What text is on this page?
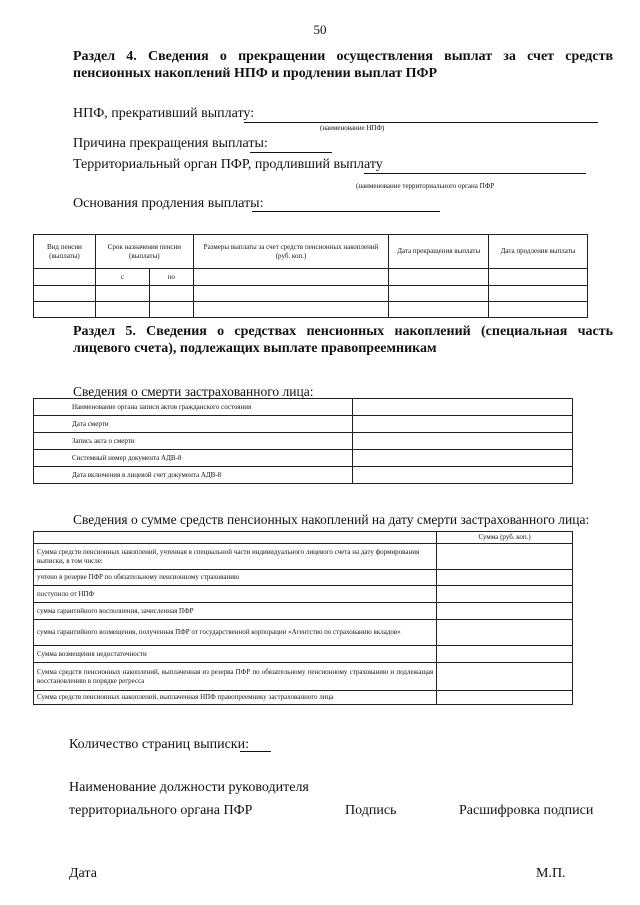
50
Раздел 4. Сведения о прекращении осуществления выплат за счет средств пенсионных накоплений НПФ и продлении выплат ПФР
НПФ, прекративший выплату:
(наименование НПФ)
Причина прекращения выплаты:
Территориальный орган ПФР, продливший выплату
(наименование территориального органа ПФР
Основания продления выплаты:
Вид пенсии (выплаты)	Срок назначения пенсии (выплаты)		Размеры выплаты за счет средств пенсионных накоплений (руб. коп.)	Дата прекращения выплаты	Дата продления выплаты
	с	по			

Раздел 5. Сведения о средствах пенсионных накоплений (специальная часть лицевого счета), подлежащих выплате правопреемникам
Сведения о смерти застрахованного лица:
Наименование органа записи актов гражданского состояния	
Дата смерти	
Запись акта о смерти	
Системный номер документа АДВ-8	
Дата включения в лицевой счет документа АДВ-8	
Сведения о сумме средств пенсионных накоплений на дату смерти застрахованного лица:
	Сумма (руб. коп.)
Сумма средств пенсионных накоплений, учтенная в специальной части индивидуального лицевого счета на дату формирования выписки, в том числе:	
учтено в резерве ПФР по обязательному пенсионному страхованию	
поступило от НПФ	
сумма гарантийного восполнения, зачисленная ПФР	
сумма гарантийного возмещения, полученная ПФР от государственной корпорации «Агентство по страхованию вкладов»	
Сумма возмещения недостаточности	
Сумма средств пенсионных накоплений, выплаченная из резерва ПФР по обязательному пенсионному страхованию и подлежащая восстановлению в порядке регресса	
Сумма средств пенсионных накоплений, выплаченная НПФ правопреемнику застрахованного лица	
Количество страниц выписки:
Наименование должности руководителя
территориального органа ПФР	Подпись	Расшифровка подписи
Дата	М.П.
